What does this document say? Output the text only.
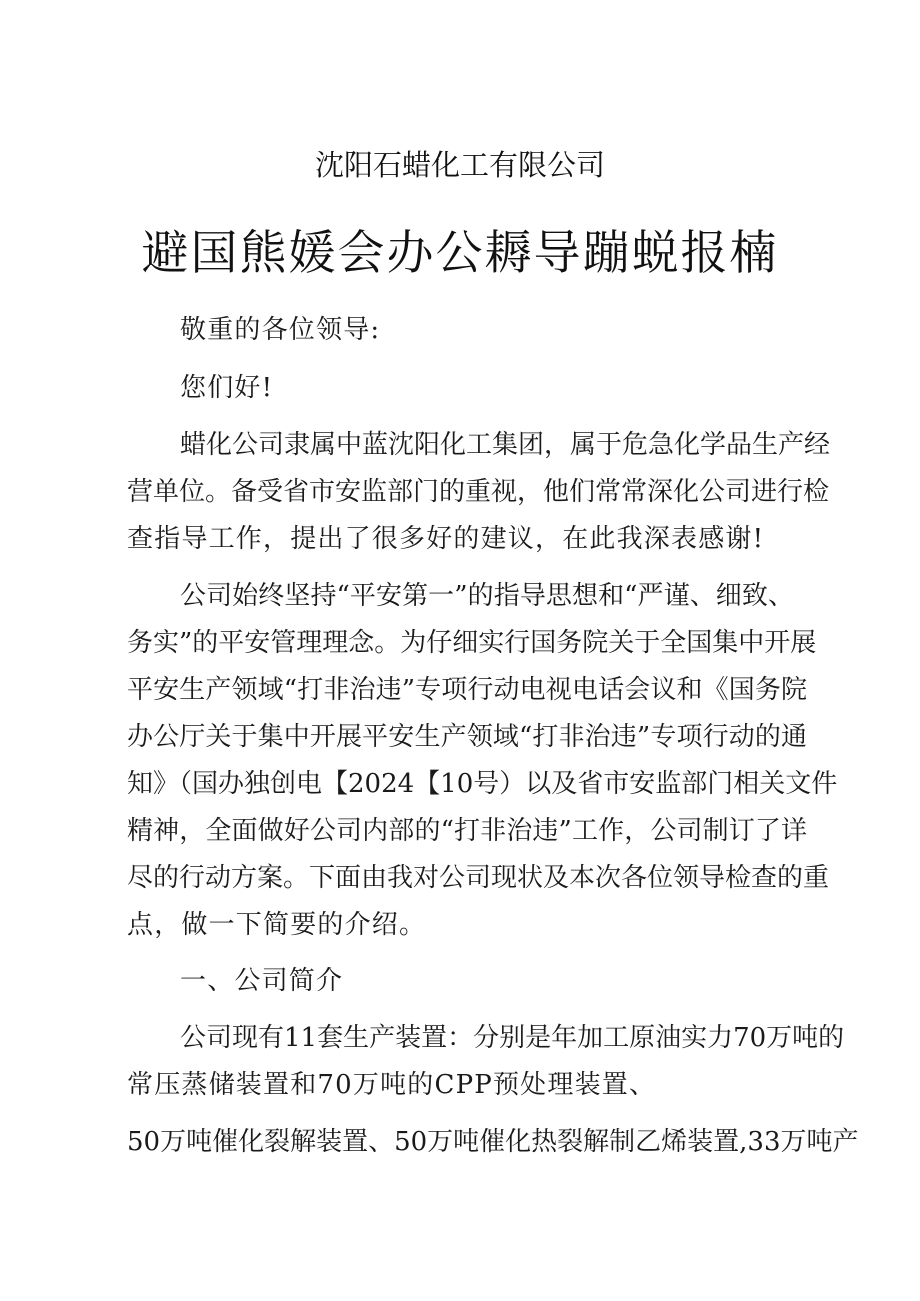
沈阳石蜡化工有限公司
避国熊媛会办公耨导蹦蜕报楠
敬重的各位领导:
您们好!
蜡化公司隶属中蓝沈阳化工集团，属于危急化学品生产经
营单位。备受省市安监部门的重视，他们常常深化公司进行检
查指导工作，提出了很多好的建议，在此我深表感谢!
公司始终坚持“平安第一”的指导思想和“严谨、细致、
务实”的平安管理理念。为仔细实行国务院关于全国集中开展
平安生产领域“打非治违”专项行动电视电话会议和《国务院
办公厅关于集中开展平安生产领域“打非治违”专项行动的通
知》（国办独创电【2024【10号）以及省市安监部门相关文件
精神，全面做好公司内部的“打非治违”工作，公司制订了详
尽的行动方案。下面由我对公司现状及本次各位领导检查的重
点，做一下简要的介绍。
一、公司简介
公司现有11套生产装置：分别是年加工原油实力70万吨的
常压蒸储装置和70万吨的CPP预处理装置、
50万吨催化裂解装置、50万吨催化热裂解制乙烯装置,33万吨产
